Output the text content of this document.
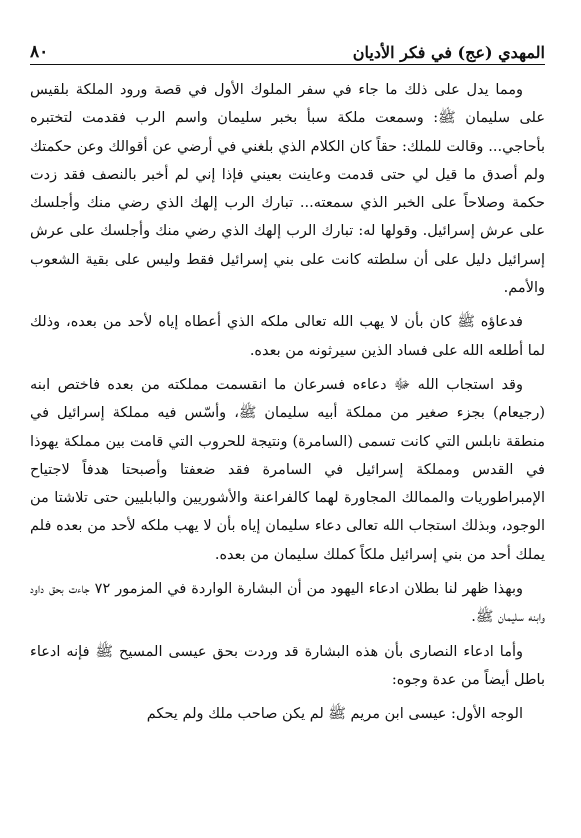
المهدي (عج) في فكر الأديان
٨٠

ومما يدل على ذلك ما جاء في سفر الملوك الأول في قصة ورود الملكة بلقيس على سليمان ﷺ: وسمعت ملكة سبأ بخبر سليمان واسم الرب فقدمت لتختبره بأحاجي... وقالت للملك: حقاً كان الكلام الذي بلغني في أرضي عن أقوالك وعن حكمتك ولم أصدق ما قيل لي حتى قدمت وعاينت بعيني فإذا إني لم أخبر بالنصف فقد زدت حكمة وصلاحاً على الخبر الذي سمعته... تبارك الرب إلهك الذي رضي منك وأجلسك على عرش إسرائيل. وقولها له: تبارك الرب إلهك الذي رضي منك وأجلسك على عرش إسرائيل دليل على أن سلطته كانت على بني إسرائيل فقط وليس على بقية الشعوب والأمم.

فدعاؤه ﷺ كان بأن لا يهب الله تعالى ملكه الذي أعطاه إياه لأحد من بعده، وذلك لما أطلعه الله على فساد الذين سيرثونه من بعده.

وقد استجاب الله ﷻ دعاءه فسرعان ما انقسمت مملكته من بعده فاختص ابنه (رجيعام) بجزء صغير من مملكة أبيه سليمان ﷺ، وأسّس فيه مملكة إسرائيل في منطقة نابلس التي كانت تسمى (السامرة) ونتيجة للحروب التي قامت بين مملكة يهوذا في القدس ومملكة إسرائيل في السامرة فقد ضعفتا وأصبحتا هدفاً لاجتياح الإمبراطوريات والممالك المجاورة لهما كالفراعنة والأشوريين والبابليين حتى تلاشتا من الوجود، وبذلك استجاب الله تعالى دعاء سليمان إياه بأن لا يهب ملكه لأحد من بعده فلم يملك أحد من بني إسرائيل ملكاً كملك سليمان من بعده.

وبهذا ظهر لنا بطلان ادعاء اليهود من أن البشارة الواردة في المزمور ٧٢ جاءت بحق داود وابنه سليمان ﷺ.

وأما ادعاء النصارى بأن هذه البشارة قد وردت بحق عيسى المسيح ﷺ فإنه ادعاء باطل أيضاً من عدة وجوه:

الوجه الأول: عيسى ابن مريم ﷺ لم يكن صاحب ملك ولم يحكم
